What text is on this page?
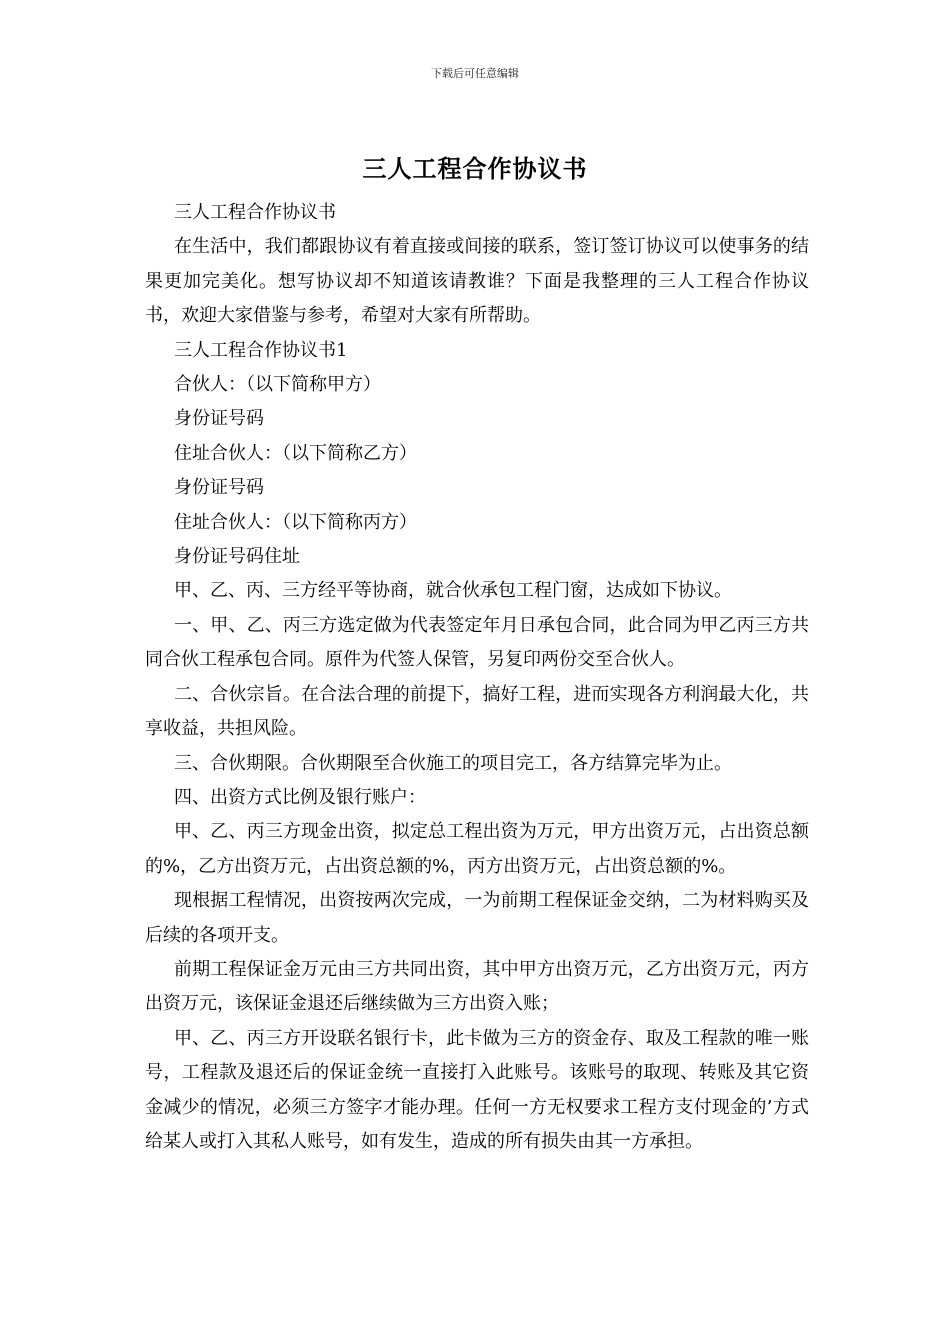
下载后可任意编辑
三人工程合作协议书

三人工程合作协议书

在生活中，我们都跟协议有着直接或间接的联系，签订签订协议可以使事务的结果更加完美化。想写协议却不知道该请教谁？下面是我整理的三人工程合作协议书，欢迎大家借鉴与参考，希望对大家有所帮助。

三人工程合作协议书1

合伙人：（以下简称甲方）

身份证号码

住址合伙人：（以下简称乙方）

身份证号码

住址合伙人：（以下简称丙方）

身份证号码住址

甲、乙、丙、三方经平等协商，就合伙承包工程门窗，达成如下协议。

一、甲、乙、丙三方选定做为代表签定年月日承包合同，此合同为甲乙丙三方共同合伙工程承包合同。原件为代签人保管，另复印两份交至合伙人。

二、合伙宗旨。在合法合理的前提下，搞好工程，进而实现各方利润最大化，共享收益，共担风险。

三、合伙期限。合伙期限至合伙施工的项目完工，各方结算完毕为止。

四、出资方式比例及银行账户：

甲、乙、丙三方现金出资，拟定总工程出资为万元，甲方出资万元，占出资总额的%，乙方出资万元，占出资总额的%，丙方出资万元，占出资总额的%。

现根据工程情况，出资按两次完成，一为前期工程保证金交纳，二为材料购买及后续的各项开支。

前期工程保证金万元由三方共同出资，其中甲方出资万元，乙方出资万元，丙方出资万元，该保证金退还后继续做为三方出资入账；

甲、乙、丙三方开设联名银行卡，此卡做为三方的资金存、取及工程款的唯一账号，工程款及退还后的保证金统一直接打入此账号。该账号的取现、转账及其它资金减少的情况，必须三方签字才能办理。任何一方无权要求工程方支付现金的’方式给某人或打入其私人账号，如有发生，造成的所有损失由其一方承担。
